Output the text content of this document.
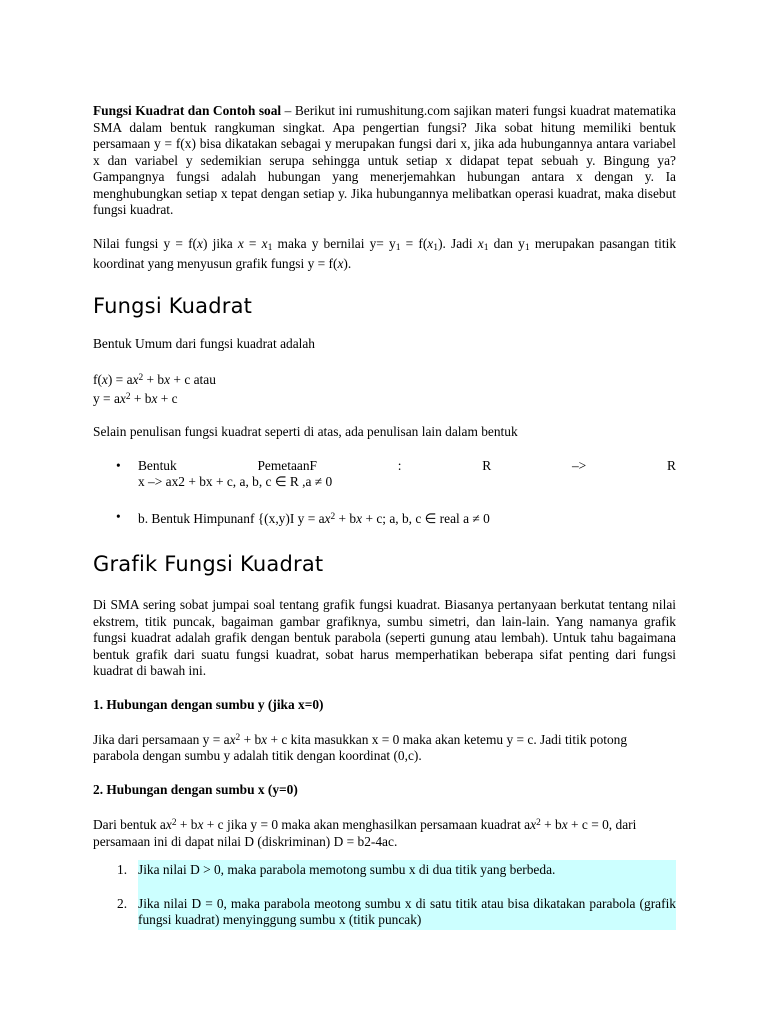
Fungsi Kuadrat dan Contoh soal – Berikut ini rumushitung.com sajikan materi fungsi kuadrat matematika SMA dalam bentuk rangkuman singkat. Apa pengertian fungsi? Jika sobat hitung memiliki bentuk persamaan y = f(x) bisa dikatakan sebagai y merupakan fungsi dari x, jika ada hubungannya antara variabel x dan variabel y sedemikian serupa sehingga untuk setiap x didapat tepat sebuah y. Bingung ya? Gampangnya fungsi adalah hubungan yang menerjemahkan hubungan antara x dengan y. Ia menghubungkan setiap x tepat dengan setiap y. Jika hubungannya melibatkan operasi kuadrat, maka disebut fungsi kuadrat.

Nilai fungsi y = f(x) jika $x = x_1$ maka y bernilai $y= y_1 = f(x_1)$. Jadi $x_1$ dan $y_1$ merupakan pasangan titik koordinat yang menyusun grafik fungsi y = f(x).

Fungsi Kuadrat

Bentuk Umum dari fungsi kuadrat adalah

$f(x) = ax^2$ + bx + c atau

$y = ax^2$ + bx + c

Selain penulisan fungsi kuadrat seperti di atas, ada penulisan lain dalam bentuk

• Bentuk	PemetaanF	:	R	–>	R
x –> ax2 + bx + c, a, b, c ∈ R ,a ≠ 0
• b. Bentuk Himpunanf {(x,y)I $y = ax^2$ + bx + c; a, b, c ∈ real a ≠ 0
Grafik Fungsi Kuadrat

Di SMA sering sobat jumpai soal tentang grafik fungsi kuadrat. Biasanya pertanyaan berkutat tentang nilai ekstrem, titik puncak, bagaiman gambar grafiknya, sumbu simetri, dan lain-lain. Yang namanya grafik fungsi kuadrat adalah grafik dengan bentuk parabola (seperti gunung atau lembah). Untuk tahu bagaimana bentuk grafik dari suatu fungsi kuadrat, sobat harus memperhatikan beberapa sifat penting dari fungsi kuadrat di bawah ini.

1. Hubungan dengan sumbu y (jika x=0)

Jika dari persamaan $y = ax^2$ + bx + c kita masukkan x = 0 maka akan ketemu y = c. Jadi titik potong parabola dengan sumbu y adalah titik dengan koordinat (0,c).

2. Hubungan dengan sumbu x (y=0)

Dari bentuk $ax^2$ + bx + c jika y = 0 maka akan menghasilkan persamaan kuadrat $ax^2$ + bx + c = 0, dari persamaan ini di dapat nilai D (diskriminan) D = b2-4ac.

1. Jika nilai D > 0, maka parabola memotong sumbu x di dua titik yang berbeda.
2. Jika nilai D = 0, maka parabola meotong sumbu x di satu titik atau bisa dikatakan parabola (grafik fungsi kuadrat) menyinggung sumbu x (titik puncak)
